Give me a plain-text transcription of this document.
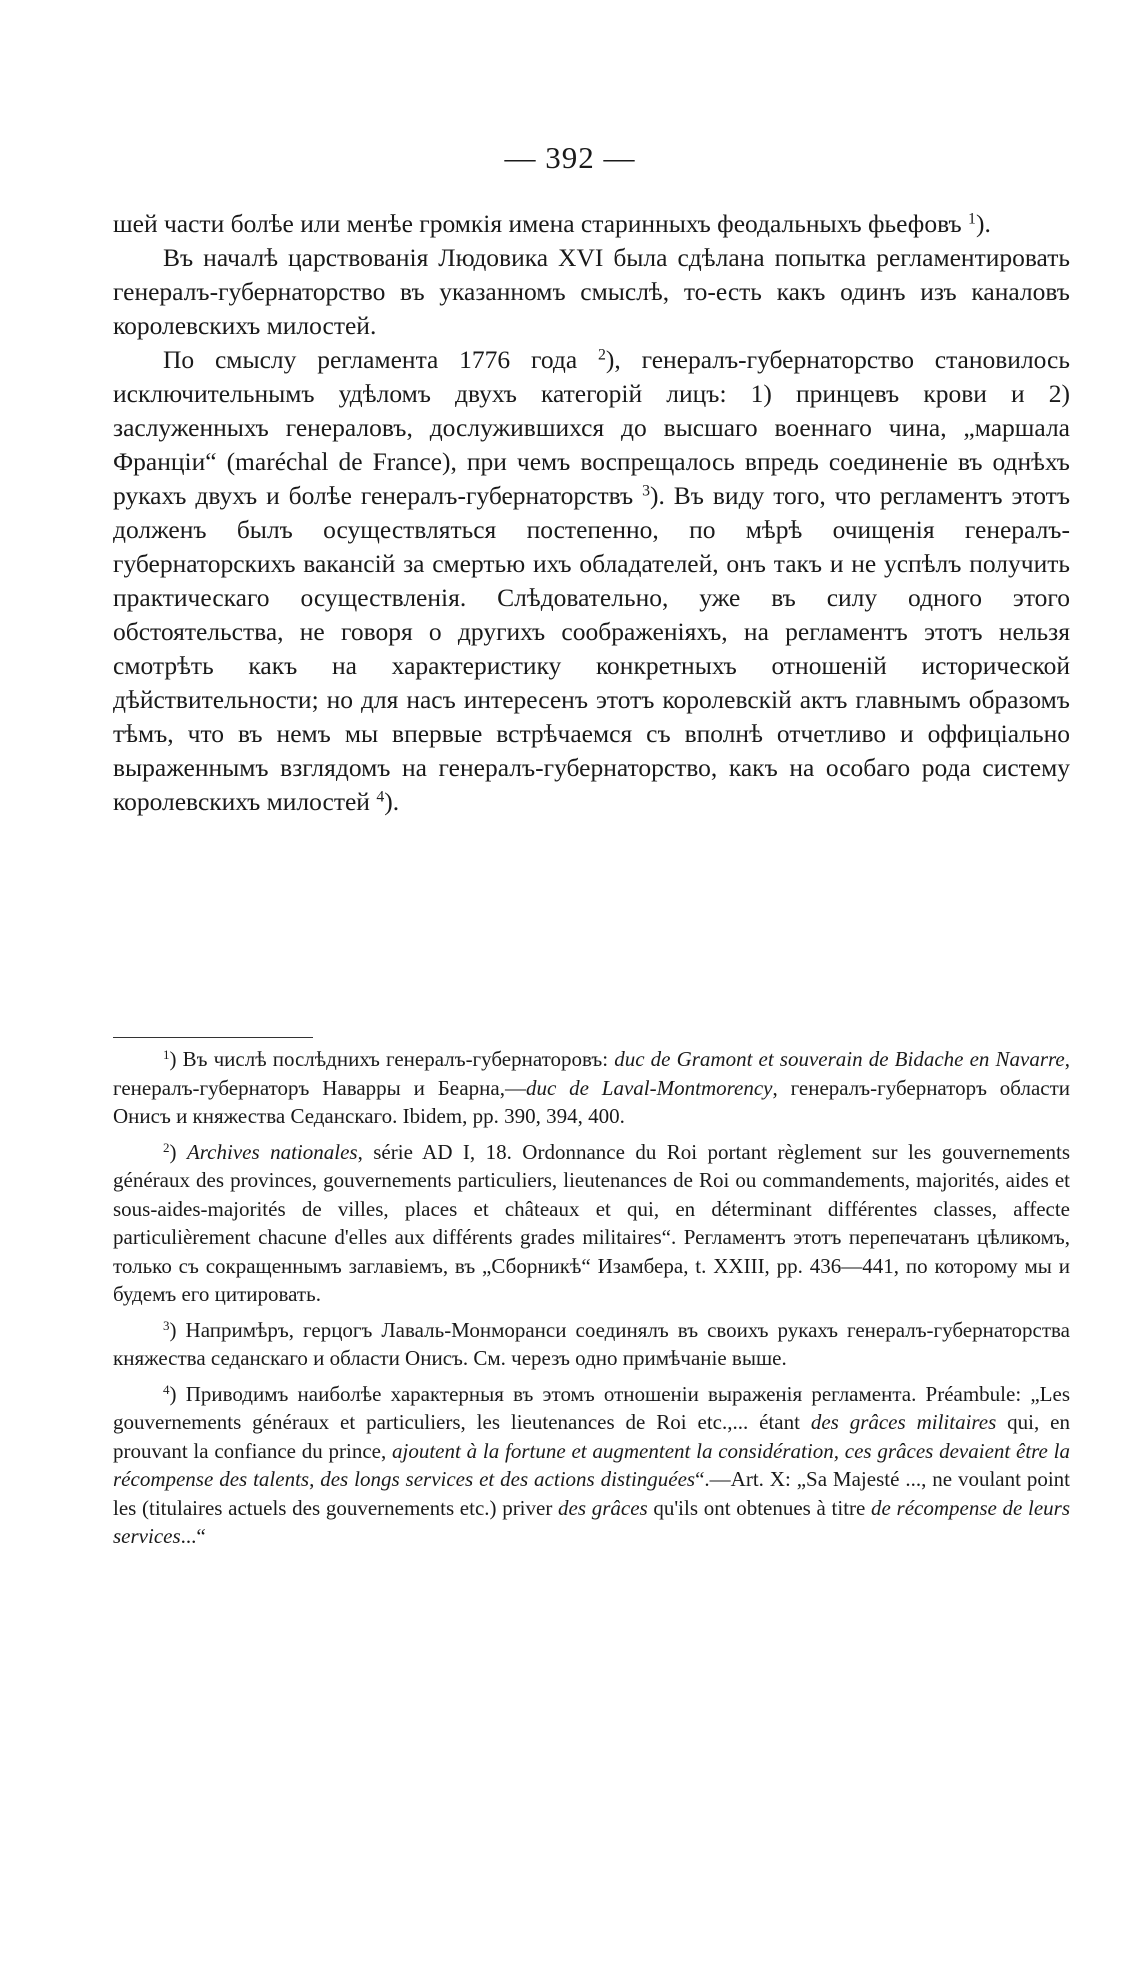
— 392 —

шей части болѣе или менѣе громкія имена старинныхъ феодальныхъ фьефовъ $^1$).

Въ началѣ царствованія Людовика XVI была сдѣлана попытка регламентировать генералъ-губернаторство въ указанномъ смыслѣ, то-есть какъ одинъ изъ каналовъ королевскихъ милостей.

По смыслу регламента 1776 года $^2$), генералъ-губернаторство становилось исключительнымъ удѣломъ двухъ категорій лицъ: 1) принцевъ крови и 2) заслуженныхъ генераловъ, дослужившихся до высшаго военнаго чина, „маршала Франціи“ (maréchal de France), при чемъ воспрещалось впредь соединеніе въ однѣхъ рукахъ двухъ и болѣе генералъ-губернаторствъ $^3$). Въ виду того, что регламентъ этотъ долженъ былъ осуществляться постепенно, по мѣрѣ очищенія генералъ-губернаторскихъ вакансій за смертью ихъ обладателей, онъ такъ и не успѣлъ получить практическаго осуществленія. Слѣдовательно, уже въ силу одного этого обстоятельства, не говоря о другихъ соображеніяхъ, на регламентъ этотъ нельзя смотрѣть какъ на характеристику конкретныхъ отношеній исторической дѣйствительности; но для насъ интересенъ этотъ королевскій актъ главнымъ образомъ тѣмъ, что въ немъ мы впервые встрѣчаемся съ вполнѣ отчетливо и оффиціально выраженнымъ взглядомъ на генералъ-губернаторство, какъ на особаго рода систему королевскихъ милостей $^4$).

$^1$) Въ числѣ послѣднихъ генералъ-губернаторовъ: duc de Gramont et souverain de Bidache en Navarre, генералъ-губернаторъ Наварры и Беарна,—duc de Laval-Montmorency, генералъ-губернаторъ области Онисъ и княжества Седанскаго. Ibidem, pp. 390, 394, 400.

$^2$) Archives nationales, série AD I, 18. Ordonnance du Roi portant règlement sur les gouvernements généraux des provinces, gouvernements particuliers, lieutenances de Roi ou commandements, majorités, aides et sous-aides-majorités de villes, places et châteaux et qui, en déterminant différentes classes, affecte particulièrement chacune d'elles aux différents grades militaires“. Регламентъ этотъ перепечатанъ цѣликомъ, только съ сокращеннымъ заглавіемъ, въ „Сборникѣ“ Изамбера, t. XXIII, pp. 436—441, по которому мы и будемъ его цитировать.

$^3$) Напримѣръ, герцогъ Лаваль-Монморанси соединялъ въ своихъ рукахъ генералъ-губернаторства княжества седанскаго и области Онисъ. См. черезъ одно примѣчаніе выше.

$^4$) Приводимъ наиболѣе характерныя въ этомъ отношеніи выраженія регламента. Préambule: „Les gouvernements généraux et particuliers, les lieutenances de Roi etc.,... étant des grâces militaires qui, en prouvant la confiance du prince, ajoutent à la fortune et augmentent la considération, ces grâces devaient être la récompense des talents, des longs services et des actions distinguées“.—Art. X: „Sa Majesté ..., ne voulant point les (titulaires actuels des gouvernements etc.) priver des grâces qu'ils ont obtenues à titre de récompense de leurs services...“
